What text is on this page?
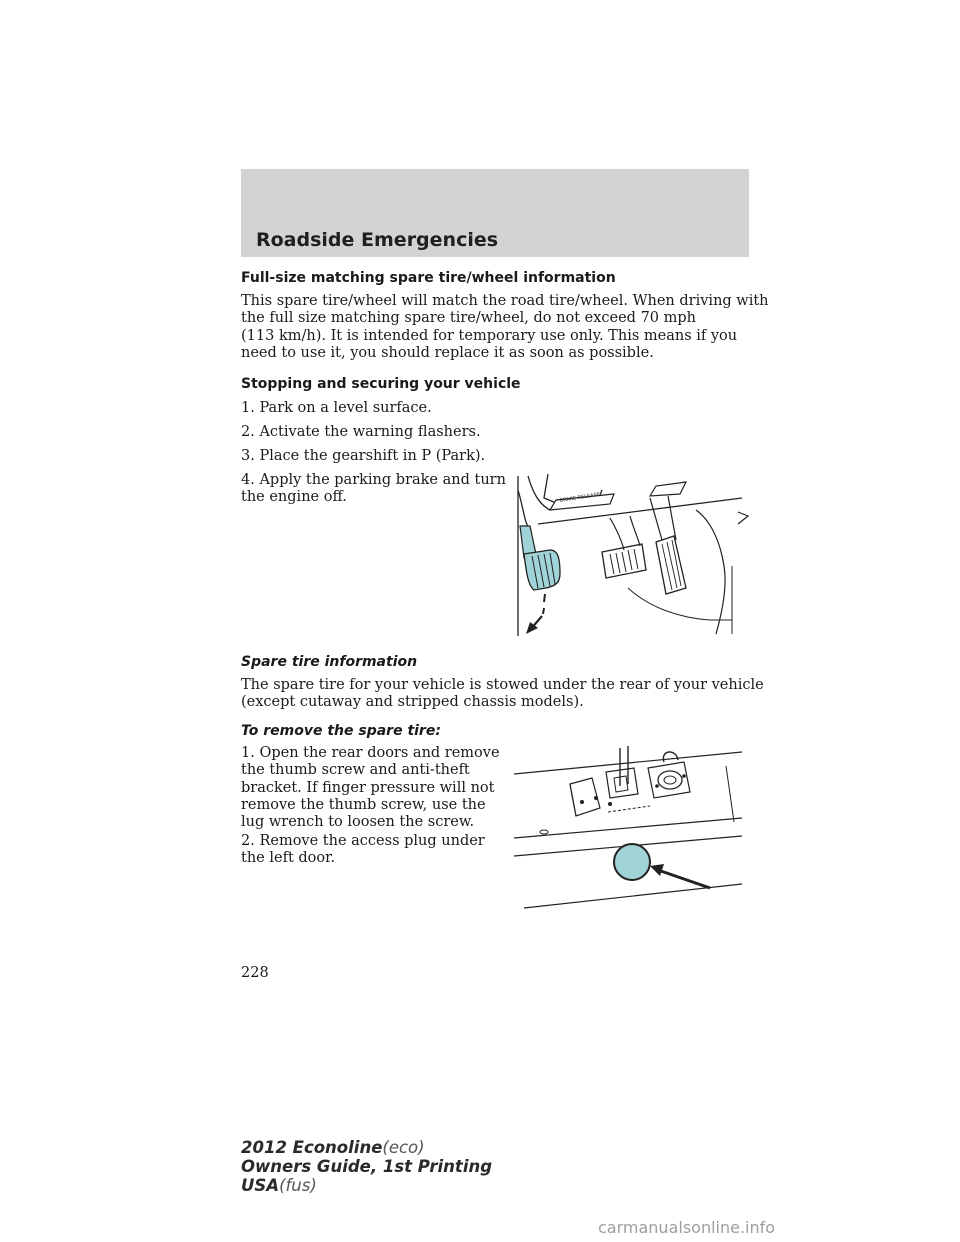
Roadside Emergencies
Full-size matching spare tire/wheel information
This spare tire/wheel will match the road tire/wheel. When driving with
the full size matching spare tire/wheel, do not exceed 70 mph
(113 km/h). It is intended for temporary use only. This means if you
need to use it, you should replace it as soon as possible.
Stopping and securing your vehicle
1. Park on a level surface.
2. Activate the warning flashers.
3. Place the gearshift in P (Park).
4. Apply the parking brake and turn
the engine off.	BRAKE RELEASE
Spare tire information
The spare tire for your vehicle is stowed under the rear of your vehicle
(except cutaway and stripped chassis models).
To remove the spare tire:
1. Open the rear doors and remove
the thumb screw and anti-theft
bracket. If finger pressure will not
remove the thumb screw, use the
lug wrench to loosen the screw.
2. Remove the access plug under
the left door.
228
2012 Econoline(eco)
Owners Guide, 1st Printing
USA(fus)
carmanualsonline.info
